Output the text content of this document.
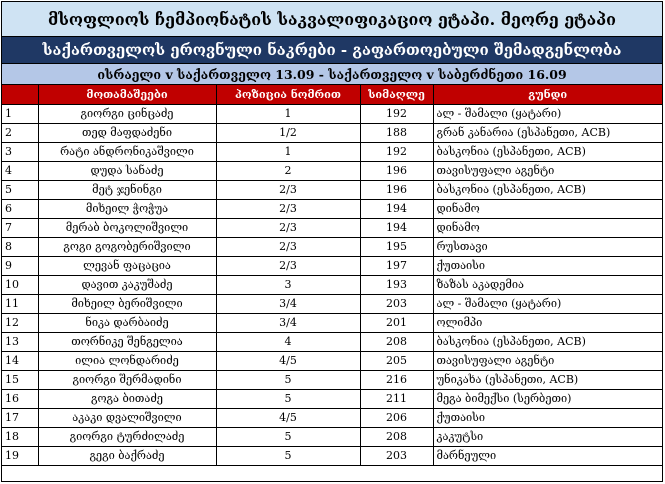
მსოფლიოს ჩემპიონატის საკვალიფიკაციო ეტაპი. მეორე ეტაპი
საქართველოს ეროვნული ნაკრები - გაფართოებული შემადგენლობა
ისრაელი v საქართველო 13.09 - საქართველო v საბერძნეთი 16.09
	მოთამაშეები	პოზიცია ნომრით	სიმაღლე	გუნდი
1	გიორგი ცინცაძე	1	192	ალ - შამალი (ყატარი)
2	თედ მაფდაძენი	1/2	188	გრან კანარია (ესპანეთი, ACB)
3	რატი ანდრონიკაშვილი	1	192	ბასკონია (ესპანეთი, ACB)
4	დუდა სანაძე	2	196	თავისუფალი აგენტი
5	მეტ ჯენინგი	2/3	196	ბასკონია (ესპანეთი, ACB)
6	მიხეილ ჭოჭუა	2/3	194	დინამო
7	მერაბ ბოკოლიშვილი	2/3	194	დინამო
8	გოგი გოგობერიშვილი	2/3	195	რუსთავი
9	ლევან ფაცაცია	2/3	197	ქუთაისი
10	დავით კაკუშაძე	3	193	ზაზას აკადემია
11	მიხეილ ბერიშვილი	3/4	203	ალ - შამალი (ყატარი)
12	ნიკა დარბაიძე	3/4	201	ოლიმპი
13	თორნიკე შენგელია	4	208	ბასკონია (ესპანეთი, ACB)
14	ილია ლონდარიძე	4/5	205	თავისუფალი აგენტი
15	გიორგი შერმადინი	5	216	უნიკახა (ესპანეთი, ACB)
16	გოგა ბითაძე	5	211	მეგა ბიმექსი (სერბეთი)
17	აკაკი დვალიშვილი	4/5	206	ქუთაისი
18	გიორგი ტურძილაძე	5	208	კაკუტსი
19	გეგი ბაქრაძე	5	203	მარნეული
